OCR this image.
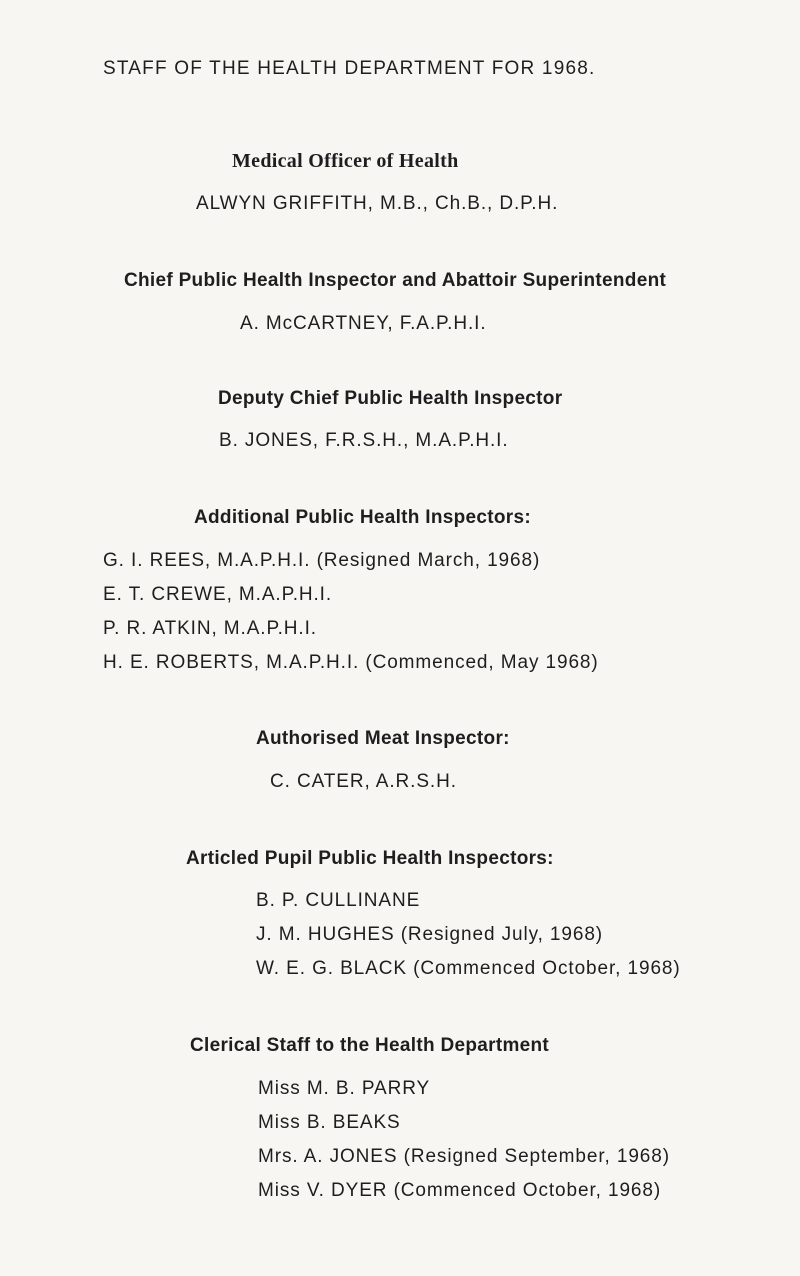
STAFF OF THE HEALTH DEPARTMENT FOR 1968.
Medical Officer of Health
ALWYN GRIFFITH, M.B., Ch.B., D.P.H.
Chief Public Health Inspector and Abattoir Superintendent
A. McCARTNEY, F.A.P.H.I.
Deputy Chief Public Health Inspector
B. JONES, F.R.S.H., M.A.P.H.I.
Additional Public Health Inspectors:
G. I. REES, M.A.P.H.I. (Resigned March, 1968)
E. T. CREWE, M.A.P.H.I.
P. R. ATKIN, M.A.P.H.I.
H. E. ROBERTS, M.A.P.H.I. (Commenced, May 1968)
Authorised Meat Inspector:
C. CATER, A.R.S.H.
Articled Pupil Public Health Inspectors:
B. P. CULLINANE
J. M. HUGHES (Resigned July, 1968)
W. E. G. BLACK (Commenced October, 1968)
Clerical Staff to the Health Department
Miss M. B. PARRY
Miss B. BEAKS
Mrs. A. JONES (Resigned September, 1968)
Miss V. DYER (Commenced October, 1968)
